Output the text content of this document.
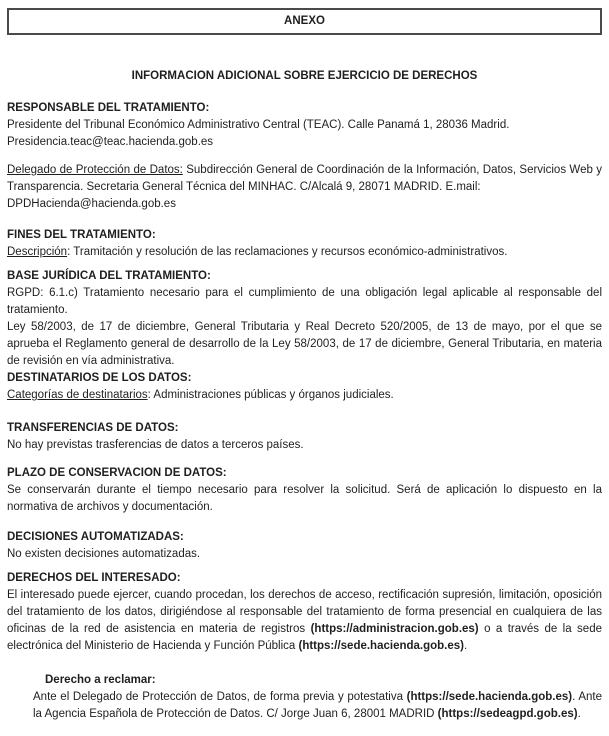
ANEXO
INFORMACION ADICIONAL SOBRE EJERCICIO DE DERECHOS
RESPONSABLE DEL TRATAMIENTO:
Presidente del Tribunal Económico Administrativo Central (TEAC). Calle Panamá 1, 28036 Madrid.
Presidencia.teac@teac.hacienda.gob.es
Delegado de Protección de Datos: Subdirección General de Coordinación de la Información, Datos, Servicios Web y Transparencia. Secretaria General Técnica del MINHAC. C/Alcalá 9, 28071 MADRID. E.mail:
DPDHacienda@hacienda.gob.es
FINES DEL TRATAMIENTO:
Descripción: Tramitación y resolución de las reclamaciones y recursos económico-administrativos.
BASE JURÍDICA DEL TRATAMIENTO:
RGPD: 6.1.c) Tratamiento necesario para el cumplimiento de una obligación legal aplicable al responsable del tratamiento.
Ley 58/2003, de 17 de diciembre, General Tributaria y Real Decreto 520/2005, de 13 de mayo, por el que se aprueba el Reglamento general de desarrollo de la Ley 58/2003, de 17 de diciembre, General Tributaria, en materia de revisión en vía administrativa.
DESTINATARIOS DE LOS DATOS:
Categorías de destinatarios: Administraciones públicas y órganos judiciales.
TRANSFERENCIAS DE DATOS:
No hay previstas trasferencias de datos a terceros países.
PLAZO DE CONSERVACION DE DATOS:
Se conservarán durante el tiempo necesario para resolver la solicitud. Será de aplicación lo dispuesto en la normativa de archivos y documentación.
DECISIONES AUTOMATIZADAS:
No existen decisiones automatizadas.
DERECHOS DEL INTERESADO:
El interesado puede ejercer, cuando procedan, los derechos de acceso, rectificación supresión, limitación, oposición del tratamiento de los datos, dirigiéndose al responsable del tratamiento de forma presencial en cualquiera de las oficinas de la red de asistencia en materia de registros (https://administracion.gob.es) o a través de la sede electrónica del Ministerio de Hacienda y Función Pública (https://sede.hacienda.gob.es).
Derecho a reclamar:
Ante el Delegado de Protección de Datos, de forma previa y potestativa (https://sede.hacienda.gob.es). Ante la Agencia Española de Protección de Datos. C/ Jorge Juan 6, 28001 MADRID (https://sedeagpd.gob.es).
